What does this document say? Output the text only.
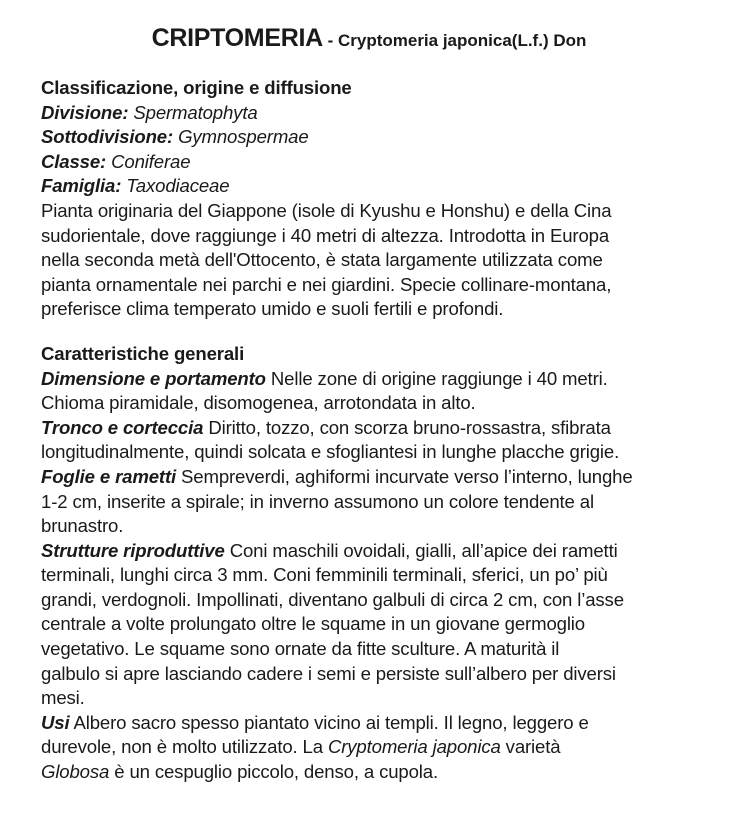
CRIPTOMERIA - Cryptomeria japonica(L.f.) Don
Classificazione, origine e diffusione
Divisione: Spermatophyta
Sottodivisione: Gymnospermae
Classe: Coniferae
Famiglia: Taxodiaceae
Pianta originaria del Giappone (isole di Kyushu e Honshu) e della Cina
sudorientale, dove raggiunge i 40 metri di altezza. Introdotta in Europa
nella seconda metà dell'Ottocento, è stata largamente utilizzata come
pianta ornamentale nei parchi e nei giardini. Specie collinare-montana,
preferisce clima temperato umido e suoli fertili e profondi.
Caratteristiche generali
Dimensione e portamento Nelle zone di origine raggiunge i 40 metri.
Chioma piramidale, disomogenea, arrotondata in alto.
Tronco e corteccia Diritto, tozzo, con scorza bruno-rossastra, sfibrata
longitudinalmente, quindi solcata e sfogliantesi in lunghe placche grigie.
Foglie e rametti Sempreverdi, aghiformi incurvate verso l’interno, lunghe
1-2 cm, inserite a spirale; in inverno assumono un colore tendente al
brunastro.
Strutture riproduttive Coni maschili ovoidali, gialli, all’apice dei rametti
terminali, lunghi circa 3 mm. Coni femminili terminali, sferici, un po’ più
grandi, verdognoli. Impollinati, diventano galbuli di circa 2 cm, con l’asse
centrale a volte prolungato oltre le squame in un giovane germoglio
vegetativo. Le squame sono ornate da fitte sculture. A maturità il
galbulo si apre lasciando cadere i semi e persiste sull’albero per diversi
mesi.
Usi Albero sacro spesso piantato vicino ai templi. Il legno, leggero e
durevole, non è molto utilizzato. La Cryptomeria japonica varietà
Globosa è un cespuglio piccolo, denso, a cupola.
